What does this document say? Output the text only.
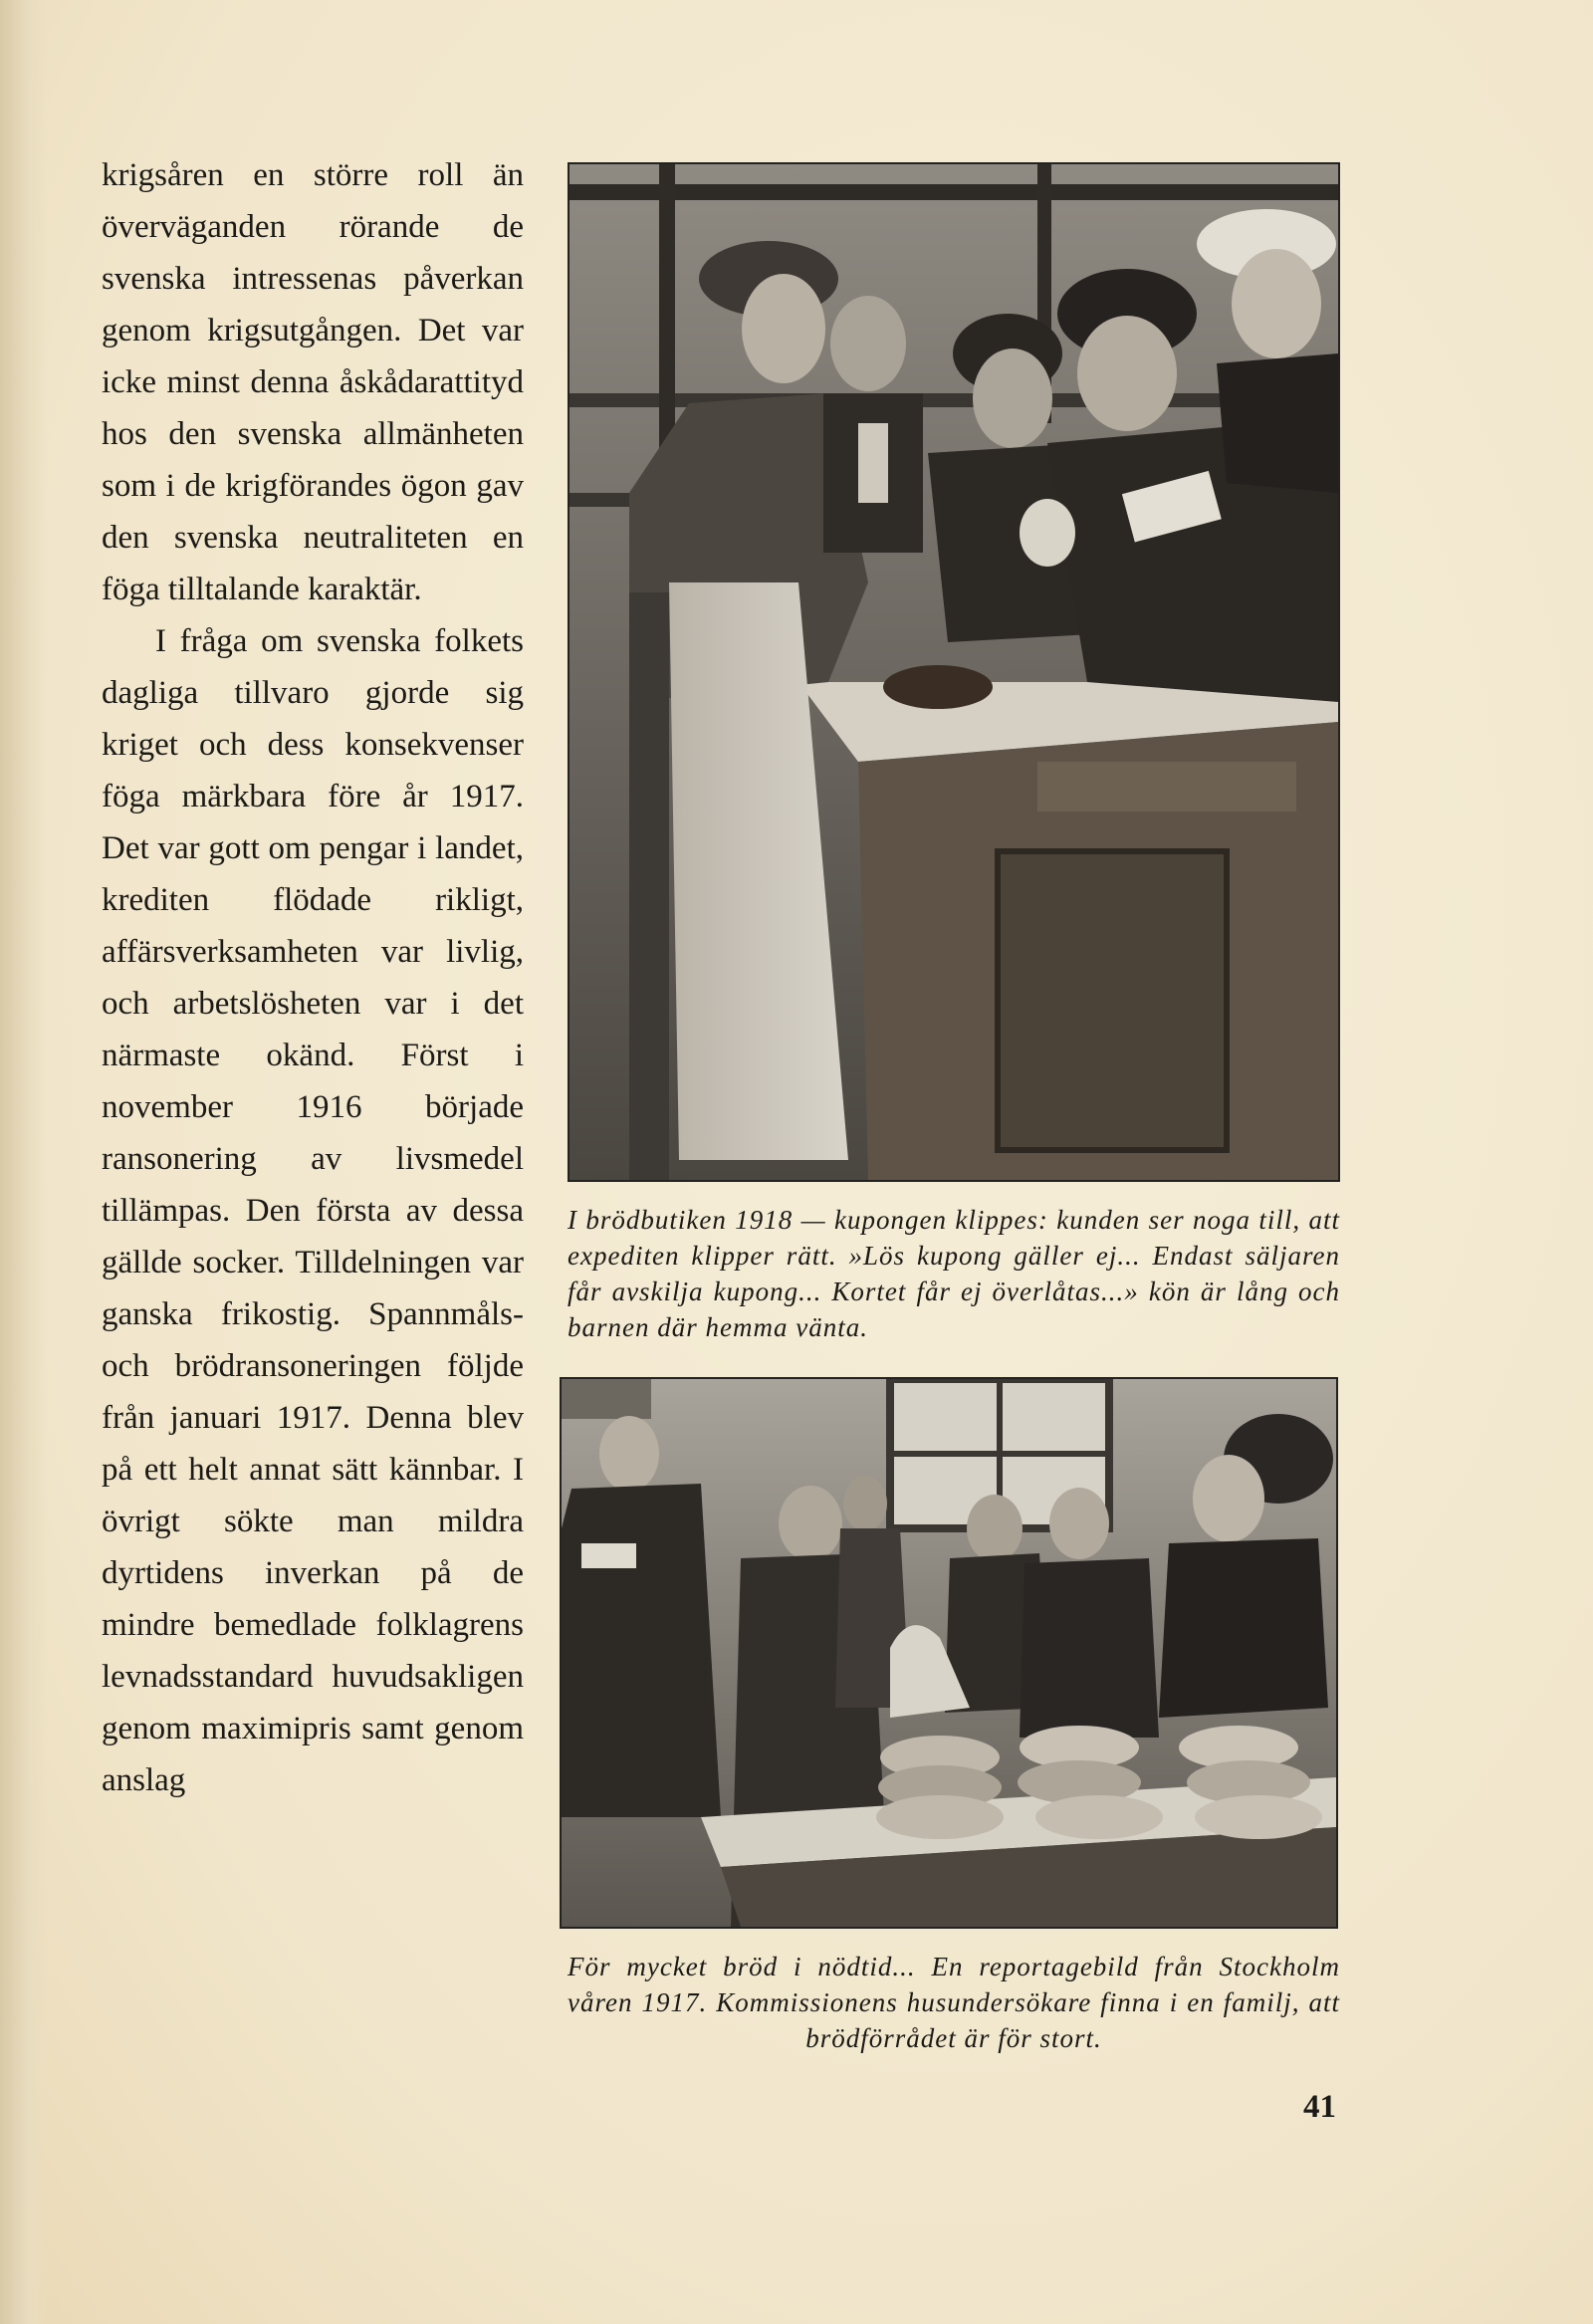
krigsåren en större roll än överväganden rörande de svenska intressenas påverkan genom krigsutgången. Det var icke minst denna åskådarattityd hos den svenska allmänheten som i de krigförandes ögon gav den svenska neutraliteten en föga tilltalande karaktär.

I fråga om svenska folkets dagliga tillvaro gjorde sig kriget och dess konsekvenser föga märkbara före år 1917. Det var gott om pengar i landet, krediten flödade rikligt, affärsverksamheten var livlig, och arbetslösheten var i det närmaste okänd. Först i november 1916 började ransonering av livsmedel tillämpas. Den första av dessa gällde socker. Tilldelningen var ganska frikostig. Spannmåls- och brödransoneringen följde från januari 1917. Denna blev på ett helt annat sätt kännbar. I övrigt sökte man mildra dyrtidens inverkan på de mindre bemedlade folklagrens levnadsstandard huvudsakligen genom maximipris samt genom anslag

I brödbutiken 1918 — kupongen klippes: kunden ser noga till, att expediten klipper rätt. »Lös kupong gäller ej... Endast säljaren får avskilja kupong... Kortet får ej överlåtas...» kön är lång och barnen där hemma vänta.
För mycket bröd i nödtid... En reportagebild från Stockholm våren 1917. Kommissionens husundersökare finna i en familj, att brödförrådet är för stort.
41
